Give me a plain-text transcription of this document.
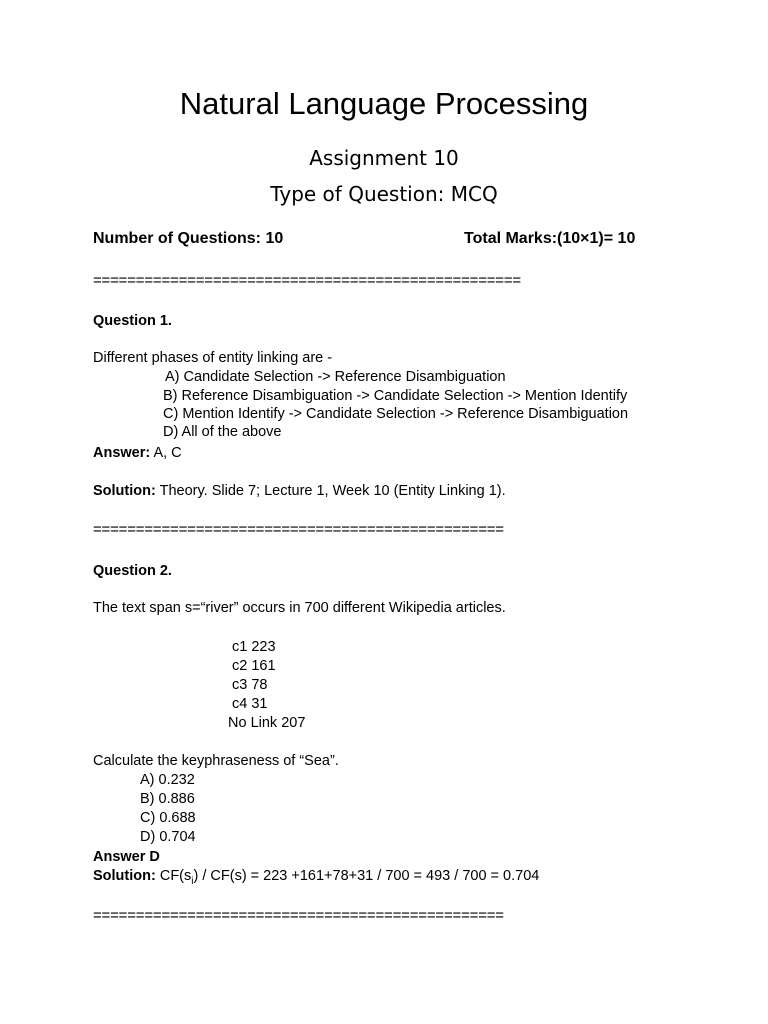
Natural Language Processing
Assignment 10
Type of Question: MCQ
Number of Questions: 10	Total Marks:(10×1)= 10
==================================================
Question 1.
Different phases of entity linking are -
A) Candidate Selection -> Reference Disambiguation
B) Reference Disambiguation -> Candidate Selection -> Mention Identify
C) Mention Identify -> Candidate Selection -> Reference Disambiguation
D) All of the above
Answer: A, C
Solution: Theory. Slide 7; Lecture 1, Week 10 (Entity Linking 1).
================================================
Question 2.
The text span s=“river” occurs in 700 different Wikipedia articles.
c1 223
c2 161
c3 78
c4 31
No Link 207
Calculate the keyphraseness of “Sea”.
A) 0.232
B) 0.886
C) 0.688
D) 0.704
Answer D
Solution: $CF(s_i) / CF(s) = 223 +161+78+31 / 700 = 493 / 700 = 0.704$
================================================
